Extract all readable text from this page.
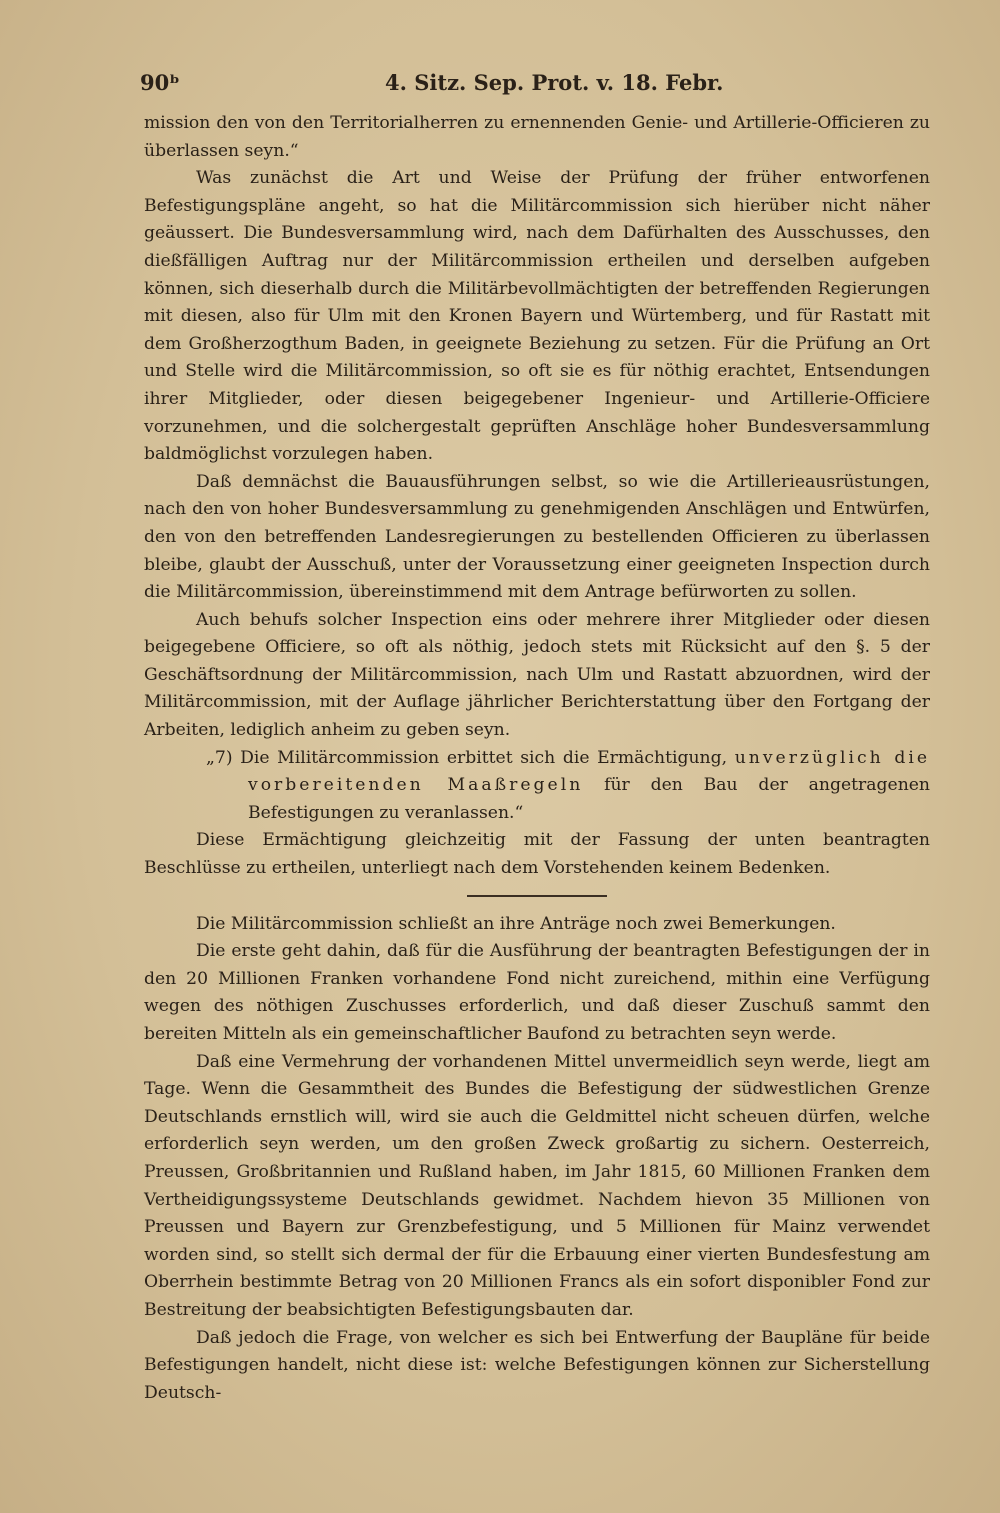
90ᵇ	4. Sitz. Sep. Prot. v. 18. Febr.

mission den von den Territorialherren zu ernennenden Genie- und Artillerie-Officieren zu überlassen seyn.“

Was zunächst die Art und Weise der Prüfung der früher entworfenen Befestigungspläne angeht, so hat die Militärcommission sich hierüber nicht näher geäussert. Die Bundesversammlung wird, nach dem Dafürhalten des Ausschusses, den dießfälligen Auftrag nur der Militärcommission ertheilen und derselben aufgeben können, sich dieserhalb durch die Militärbevollmächtigten der betreffenden Regierungen mit diesen, also für Ulm mit den Kronen Bayern und Würtemberg, und für Rastatt mit dem Großherzogthum Baden, in geeignete Beziehung zu setzen. Für die Prüfung an Ort und Stelle wird die Militärcommission, so oft sie es für nöthig erachtet, Entsendungen ihrer Mitglieder, oder diesen beigegebener Ingenieur- und Artillerie-Officiere vorzunehmen, und die solchergestalt geprüften Anschläge hoher Bundesversammlung baldmöglichst vorzulegen haben.

Daß demnächst die Bauausführungen selbst, so wie die Artillerieausrüstungen, nach den von hoher Bundesversammlung zu genehmigenden Anschlägen und Entwürfen, den von den betreffenden Landesregierungen zu bestellenden Officieren zu überlassen bleibe, glaubt der Ausschuß, unter der Voraussetzung einer geeigneten Inspection durch die Militärcommission, übereinstimmend mit dem Antrage befürworten zu sollen.

Auch behufs solcher Inspection eins oder mehrere ihrer Mitglieder oder diesen beigegebene Officiere, so oft als nöthig, jedoch stets mit Rücksicht auf den §. 5 der Geschäftsordnung der Militärcommission, nach Ulm und Rastatt abzuordnen, wird der Militärcommission, mit der Auflage jährlicher Berichterstattung über den Fortgang der Arbeiten, lediglich anheim zu geben seyn.

„7) Die Militärcommission erbittet sich die Ermächtigung, unverzüglich die vorbereitenden Maaßregeln für den Bau der angetragenen Befestigungen zu veranlassen.“

Diese Ermächtigung gleichzeitig mit der Fassung der unten beantragten Beschlüsse zu ertheilen, unterliegt nach dem Vorstehenden keinem Bedenken.

Die Militärcommission schließt an ihre Anträge noch zwei Bemerkungen.

Die erste geht dahin, daß für die Ausführung der beantragten Befestigungen der in den 20 Millionen Franken vorhandene Fond nicht zureichend, mithin eine Verfügung wegen des nöthigen Zuschusses erforderlich, und daß dieser Zuschuß sammt den bereiten Mitteln als ein gemeinschaftlicher Baufond zu betrachten seyn werde.

Daß eine Vermehrung der vorhandenen Mittel unvermeidlich seyn werde, liegt am Tage. Wenn die Gesammtheit des Bundes die Befestigung der südwestlichen Grenze Deutschlands ernstlich will, wird sie auch die Geldmittel nicht scheuen dürfen, welche erforderlich seyn werden, um den großen Zweck großartig zu sichern. Oesterreich, Preussen, Großbritannien und Rußland haben, im Jahr 1815, 60 Millionen Franken dem Vertheidigungssysteme Deutschlands gewidmet. Nachdem hievon 35 Millionen von Preussen und Bayern zur Grenzbefestigung, und 5 Millionen für Mainz verwendet worden sind, so stellt sich dermal der für die Erbauung einer vierten Bundesfestung am Oberrhein bestimmte Betrag von 20 Millionen Francs als ein sofort disponibler Fond zur Bestreitung der beabsichtigten Befestigungsbauten dar.

Daß jedoch die Frage, von welcher es sich bei Entwerfung der Baupläne für beide Befestigungen handelt, nicht diese ist: welche Befestigungen können zur Sicherstellung Deutsch-
